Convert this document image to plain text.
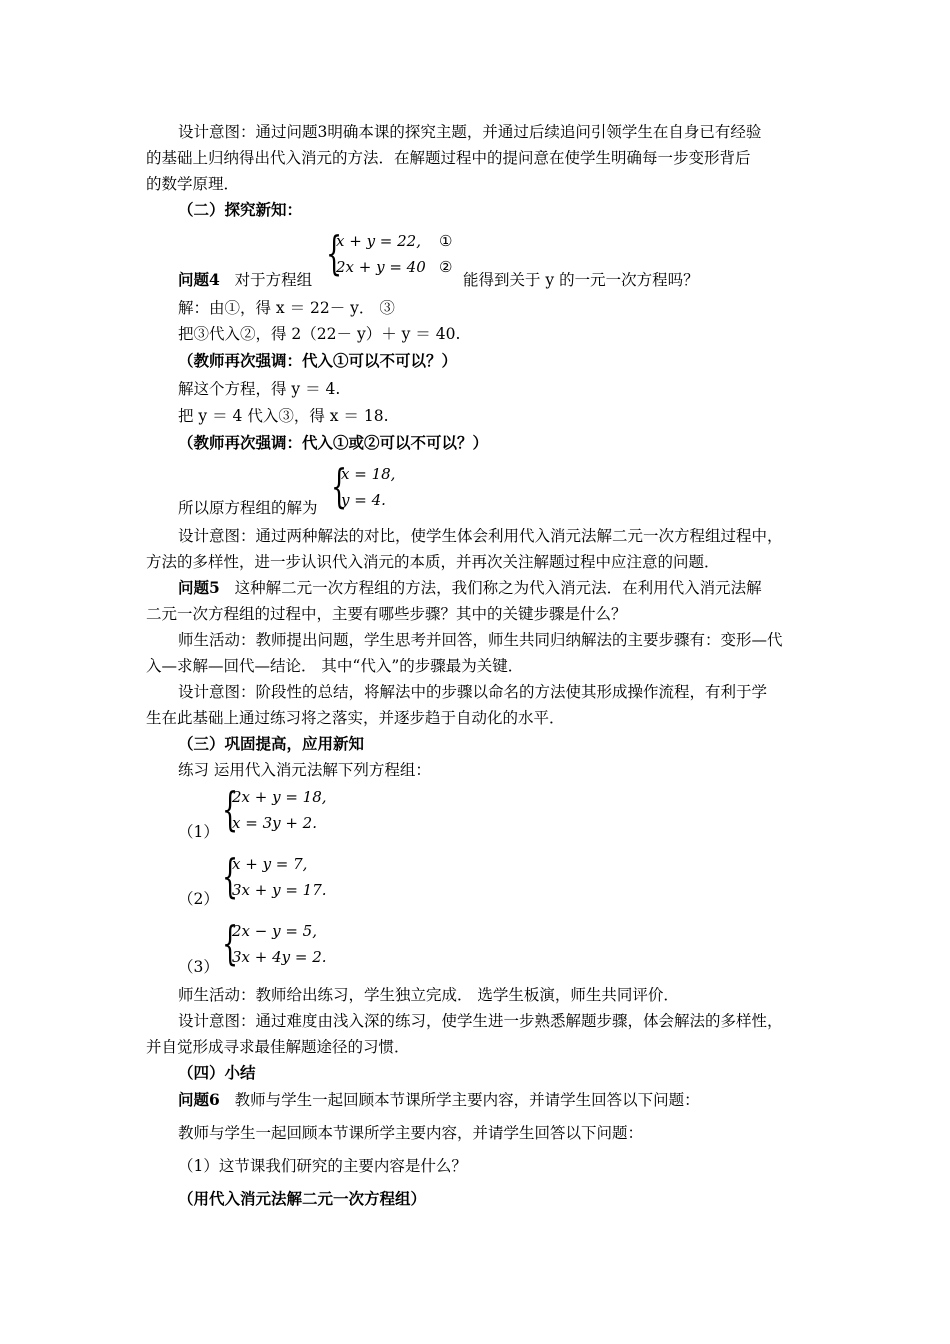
设计意图：通过问题3明确本课的探究主题，并通过后续追问引领学生在自身已有经验
的基础上归纳得出代入消元的方法．在解题过程中的提问意在使学生明确每一步变形背后
的数学原理．
（二）探究新知：
{
x + y = 22,
2x + y = 40
①
②
问题4 对于方程组	能得到关于 y 的一元一次方程吗？
解：由①，得 x ＝ 22－ y． ③
把③代入②，得 2（22－ y）＋ y ＝ 40.
（教师再次强调：代入①可以不可以？）
解这个方程，得 y ＝ 4.
把 y ＝ 4 代入③，得 x ＝ 18.
（教师再次强调：代入①或②可以不可以？）
{
x = 18,
y = 4.
所以原方程组的解为
设计意图：通过两种解法的对比，使学生体会利用代入消元法解二元一次方程组过程中，
方法的多样性，进一步认识代入消元的本质，并再次关注解题过程中应注意的问题．
问题5 这种解二元一次方程组的方法，我们称之为代入消元法．在利用代入消元法解
二元一次方程组的过程中，主要有哪些步骤？其中的关键步骤是什么？
师生活动：教师提出问题，学生思考并回答，师生共同归纳解法的主要步骤有：变形—代
入—求解—回代—结论． 其中“代入”的步骤最为关键．
设计意图：阶段性的总结，将解法中的步骤以命名的方法使其形成操作流程，有利于学
生在此基础上通过练习将之落实，并逐步趋于自动化的水平．
（三）巩固提高，应用新知
练习 运用代入消元法解下列方程组：
{
2x + y = 18,
x = 3y + 2.
（1）
{
x + y = 7,
3x + y = 17.
（2）
{
2x − y = 5,
3x + 4y = 2.
（3）
师生活动：教师给出练习，学生独立完成． 选学生板演，师生共同评价．
设计意图：通过难度由浅入深的练习，使学生进一步熟悉解题步骤，体会解法的多样性，
并自觉形成寻求最佳解题途径的习惯．
（四）小结
问题6 教师与学生一起回顾本节课所学主要内容，并请学生回答以下问题：
教师与学生一起回顾本节课所学主要内容，并请学生回答以下问题：
（1）这节课我们研究的主要内容是什么？
（用代入消元法解二元一次方程组）
